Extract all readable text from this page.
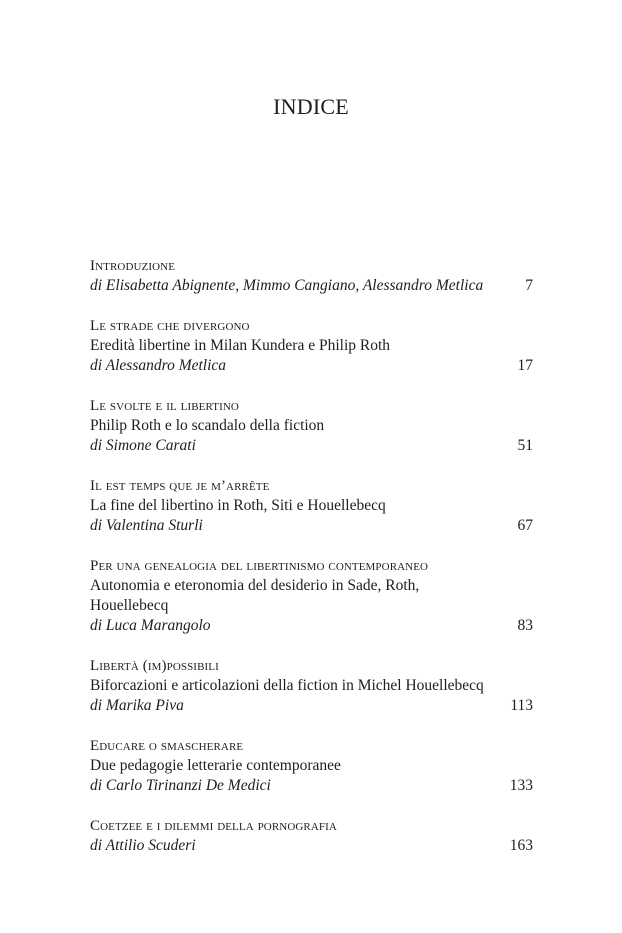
INDICE
Introduzione
di Elisabetta Abignente, Mimmo Cangiano, Alessandro Metlica	7
Le strade che divergono
Eredità libertine in Milan Kundera e Philip Roth
di Alessandro Metlica	17
Le svolte e il libertino
Philip Roth e lo scandalo della fiction
di Simone Carati	51
Il est temps que je m’arrête
La fine del libertino in Roth, Siti e Houellebecq
di Valentina Sturli	67
Per una genealogia del libertinismo contemporaneo
Autonomia e eteronomia del desiderio in Sade, Roth,
Houellebecq
di Luca Marangolo	83
Libertà (im)possibili
Biforcazioni e articolazioni della fiction in Michel Houellebecq
di Marika Piva	113
Educare o smascherare
Due pedagogie letterarie contemporanee
di Carlo Tirinanzi De Medici	133
Coetzee e i dilemmi della pornografia
di Attilio Scuderi	163
